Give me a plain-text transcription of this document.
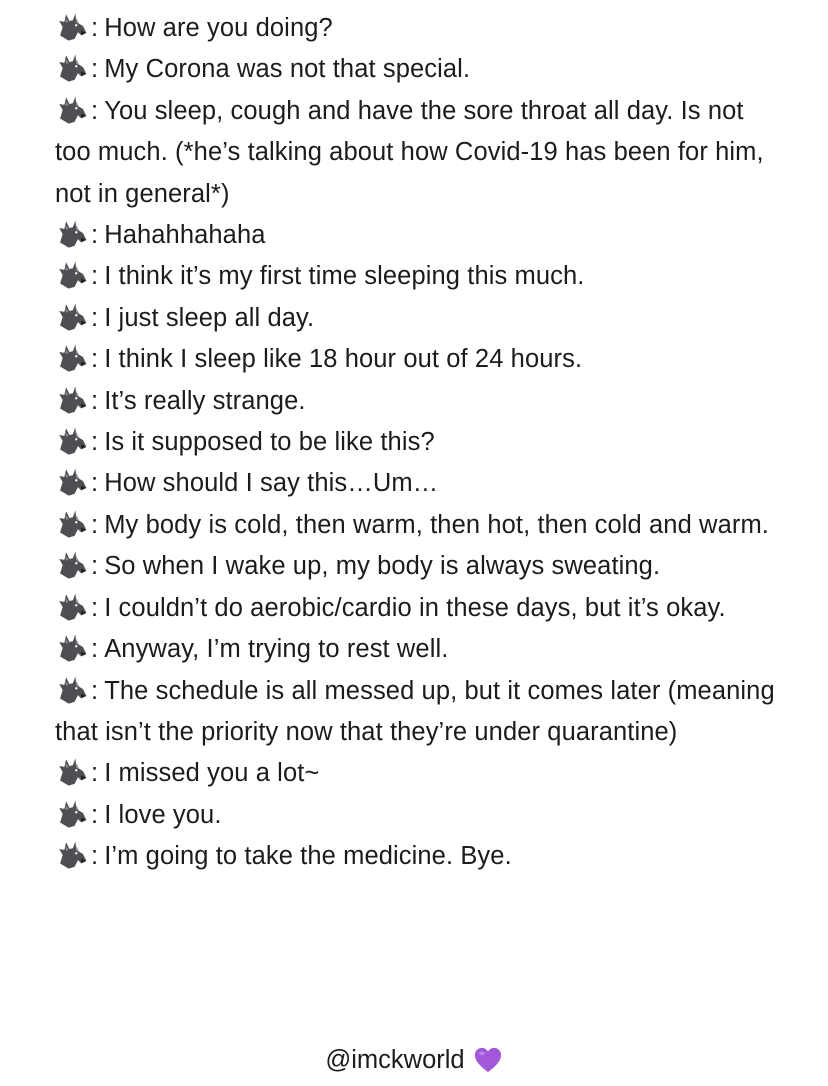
: How are you doing?

: My Corona was not that special.

: You sleep, cough and have the sore throat all day. Is not too much. (*he’s talking about how Covid-19 has been for him, not in general*)

: Hahahhahaha

: I think it’s my first time sleeping this much.

: I just sleep all day.

: I think I sleep like 18 hour out of 24 hours.

: It’s really strange.

: Is it supposed to be like this?

: How should I say this…Um…

: My body is cold, then warm, then hot, then cold and warm.

: So when I wake up, my body is always sweating.

: I couldn’t do aerobic/cardio in these days, but it’s okay.

: Anyway, I’m trying to rest well.

: The schedule is all messed up, but it comes later (meaning that isn’t the priority now that they’re under quarantine)

: I missed you a lot~

: I love you.

: I’m going to take the medicine. Bye.

@imckworld
